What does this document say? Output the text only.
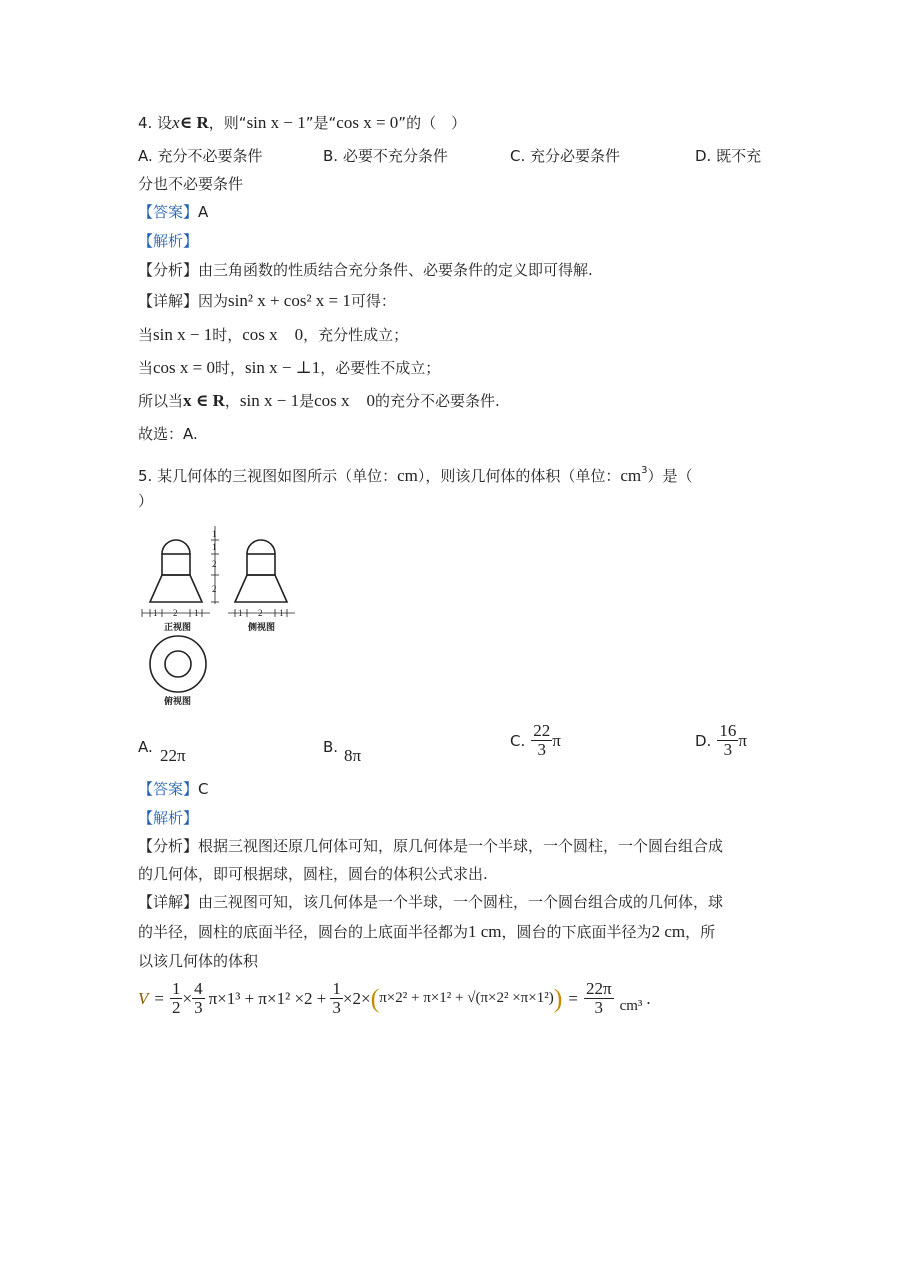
4. 设x∈ R，则“sin x − 1”是“cos x = 0”的（　）
A. 充分不必要条件	B. 必要不充分条件	C. 充分必要条件	D. 既不充
分也不必要条件
【答案】A
【解析】
【分析】由三角函数的性质结合充分条件、必要条件的定义即可得解.
【详解】因为sin² x + cos² x = 1可得：
当sin x − 1时，cos x　0，充分性成立；
当cos x = 0时，sin x − ⊥1，必要性不成立；
所以当x ∈ R，sin x − 1是cos x　0的充分不必要条件.
故选：A.
5. 某几何体的三视图如图所示（单位：cm），则该几何体的体积（单位：$cm^3$）是（
）
1 2 1	1 2 1
1
1
2
2
正视图	侧视图
俯视图
A. 22π	B. 8π
C. $\frac{22}{3}$ π	D. $\frac{16}{3}$ π
【答案】C
【解析】
【分析】根据三视图还原几何体可知，原几何体是一个半球，一个圆柱，一个圆台组合成
的几何体，即可根据球，圆柱，圆台的体积公式求出.
【详解】由三视图可知，该几何体是一个半球，一个圆柱，一个圆台组合成的几何体，球
的半径，圆柱的底面半径，圆台的上底面半径都为1 cm，圆台的下底面半径为2 cm，所
以该几何体的体积
$V = \frac{1}{2} \times \frac{4}{3} \pi\times 1^3 + \pi\times 1^2 \times 2 + \frac{1}{3} \times 2\times$ ( π×2² + π×1² + √(π×2² ×π×1²) ) = $\frac{22\pi}{3} cm^3$ .
